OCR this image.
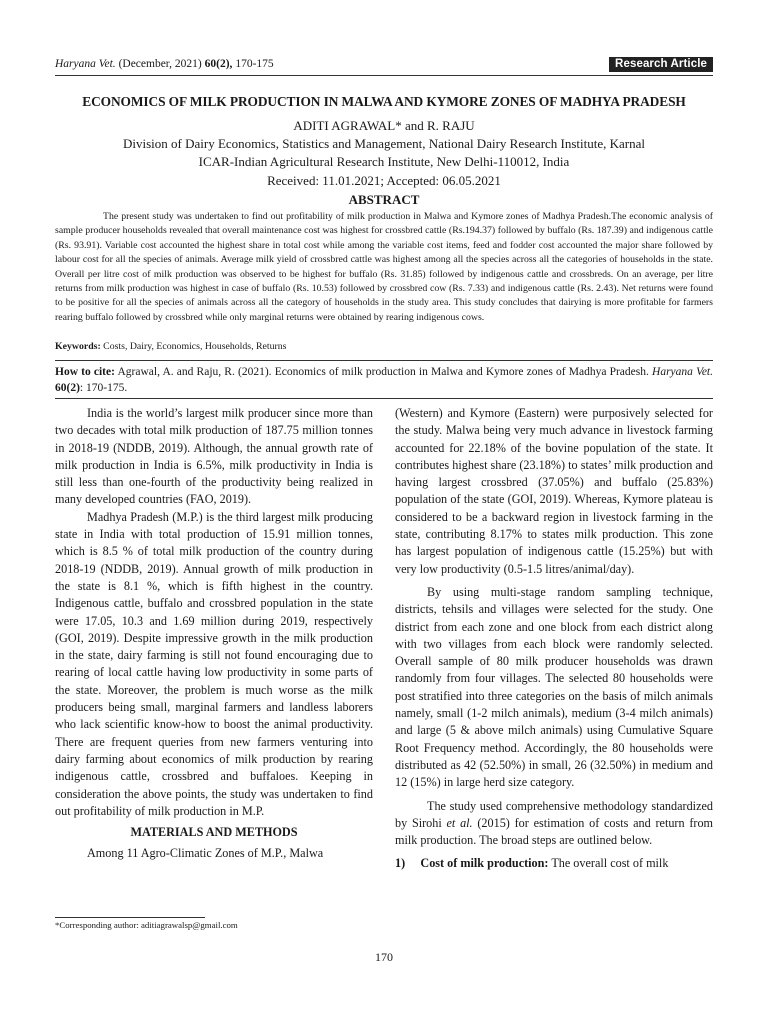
Haryana Vet. (December, 2021) 60(2), 170-175	Research Article
ECONOMICS OF MILK PRODUCTION IN MALWA AND KYMORE ZONES OF MADHYA PRADESH
ADITI AGRAWAL* and R. RAJU
Division of Dairy Economics, Statistics and Management, National Dairy Research Institute, Karnal
ICAR-Indian Agricultural Research Institute, New Delhi-110012, India
Received: 11.01.2021; Accepted: 06.05.2021
ABSTRACT

The present study was undertaken to find out profitability of milk production in Malwa and Kymore zones of Madhya Pradesh.The economic analysis of sample producer households revealed that overall maintenance cost was highest for crossbred cattle (Rs.194.37) followed by buffalo (Rs. 187.39) and indigenous cattle (Rs. 93.91). Variable cost accounted the highest share in total cost while among the variable cost items, feed and fodder cost accounted the major share followed by labour cost for all the species of animals. Average milk yield of crossbred cattle was highest among all the species across all the categories of households in the state. Overall per litre cost of milk production was observed to be highest for buffalo (Rs. 31.85) followed by indigenous cattle and crossbreds. On an average, per litre returns from milk production was highest in case of buffalo (Rs. 10.53) followed by crossbred cow (Rs. 7.33) and indigenous cattle (Rs. 2.43). Net returns were found to be positive for all the species of animals across all the category of households in the study area. This study concludes that dairying is more profitable for farmers rearing buffalo followed by crossbred while only marginal returns were obtained by rearing indigenous cows.

Keywords: Costs, Dairy, Economics, Households, Returns

How to cite: Agrawal, A. and Raju, R. (2021). Economics of milk production in Malwa and Kymore zones of Madhya Pradesh. Haryana Vet. 60(2): 170-175.

India is the world’s largest milk producer since more than two decades with total milk production of 187.75 million tonnes in 2018-19 (NDDB, 2019). Although, the annual growth rate of milk production in India is 6.5%, milk productivity in India is still less than one-fourth of the productivity being realized in many developed countries (FAO, 2019).

Madhya Pradesh (M.P.) is the third largest milk producing state in India with total production of 15.91 million tonnes, which is 8.5 % of total milk production of the country during 2018-19 (NDDB, 2019). Annual growth of milk production in the state is 8.1 %, which is fifth highest in the country. Indigenous cattle, buffalo and crossbred population in the state were 17.05, 10.3 and 1.69 million during 2019, respectively (GOI, 2019). Despite impressive growth in the milk production in the state, dairy farming is still not found encouraging due to rearing of local cattle having low productivity in some parts of the state. Moreover, the problem is much worse as the milk producers being small, marginal farmers and landless laborers who lack scientific know-how to boost the animal productivity. There are frequent queries from new farmers venturing into dairy farming about economics of milk production by rearing indigenous cattle, crossbred and buffaloes. Keeping in consideration the above points, the study was undertaken to find out profitability of milk production in M.P.

MATERIALS AND METHODS

Among 11 Agro-Climatic Zones of M.P., Malwa

(Western) and Kymore (Eastern) were purposively selected for the study. Malwa being very much advance in livestock farming accounted for 22.18% of the bovine population of the state. It contributes highest share (23.18%) to states’ milk production and having largest crossbred (37.05%) and buffalo (25.83%) population of the state (GOI, 2019). Whereas, Kymore plateau is considered to be a backward region in livestock farming in the state, contributing 8.17% to states milk production. This zone has largest population of indigenous cattle (15.25%) but with very low productivity (0.5-1.5 litres/animal/day).

By using multi-stage random sampling technique, districts, tehsils and villages were selected for the study. One district from each zone and one block from each district along with two villages from each block were randomly selected. Overall sample of 80 milk producer households was drawn randomly from four villages. The selected 80 households were post stratified into three categories on the basis of milch animals namely, small (1-2 milch animals), medium (3-4 milch animals) and large (5 & above milch animals) using Cumulative Square Root Frequency method. Accordingly, the 80 households were distributed as 42 (52.50%) in small, 26 (32.50%) in medium and 12 (15%) in large herd size category.

The study used comprehensive methodology standardized by Sirohi et al. (2015) for estimation of costs and return from milk production. The broad steps are outlined below.

1) Cost of milk production: The overall cost of milk

*Corresponding author: aditiagrawalsp@gmail.com
170
